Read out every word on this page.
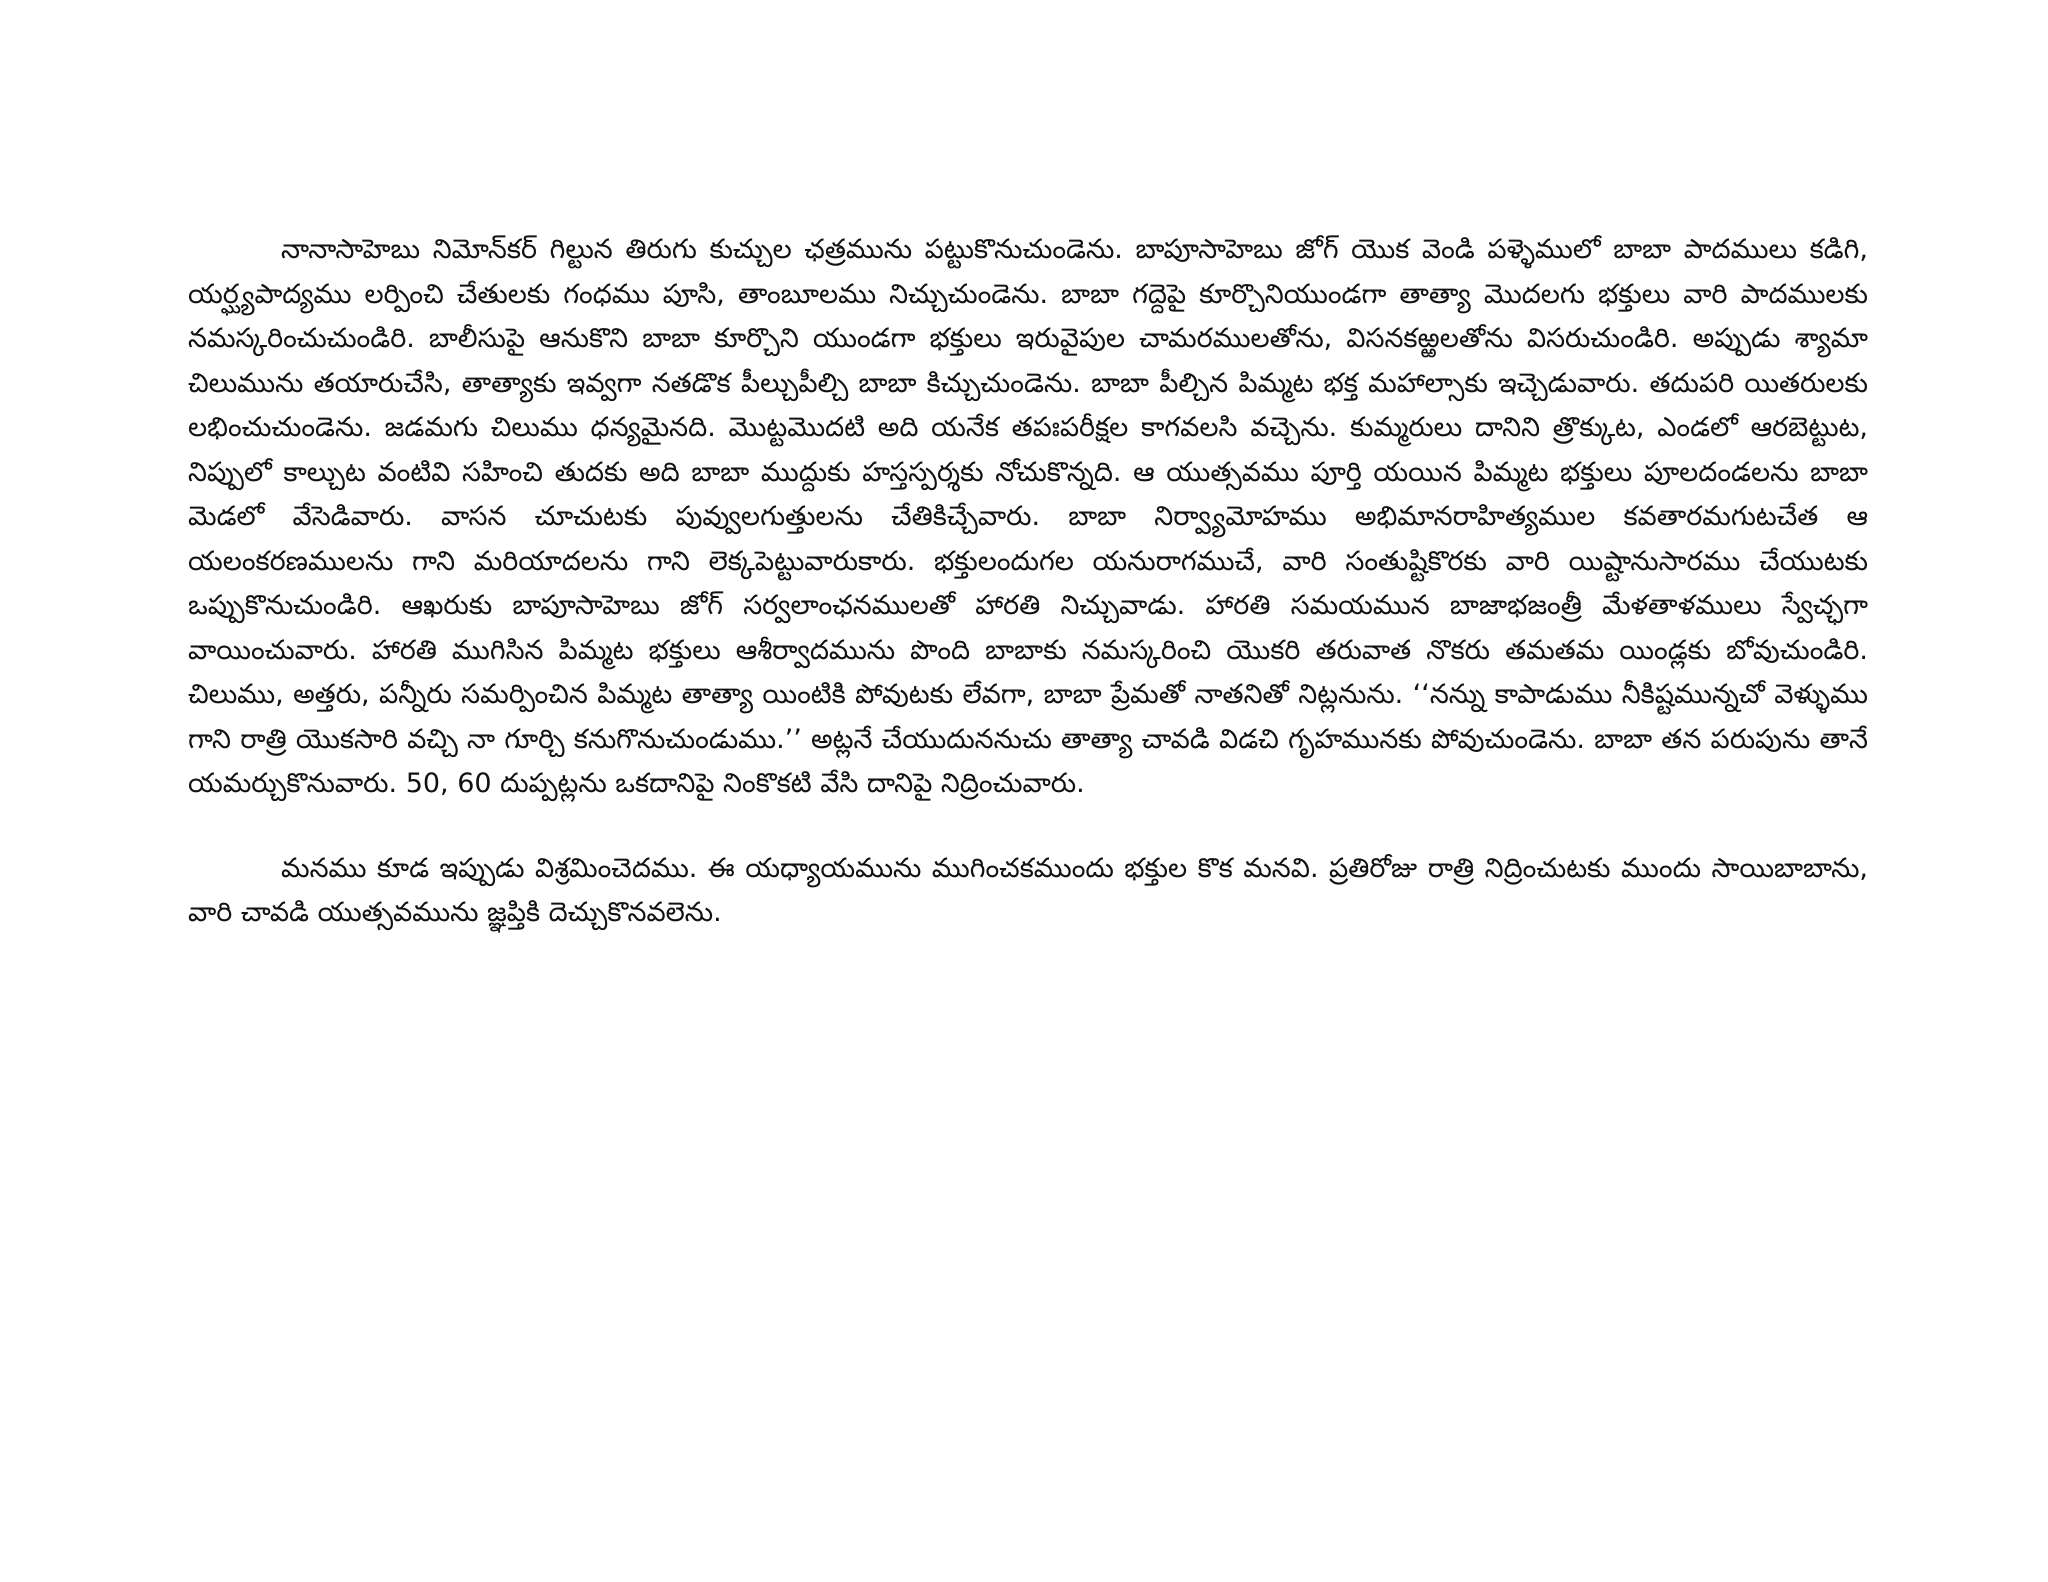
నానాసాహెబు నిమోన్‌కర్ గిల్టున తిరుగు కుచ్చుల ఛత్రమును పట్టుకొనుచుండెను. బాపూసాహెబు జోగ్ యొక వెండి పళ్ళెములో బాబా పాదములు కడిగి, యర్ఘ్యపాద్యము లర్పించి చేతులకు గంధము పూసి, తాంబూలము నిచ్చుచుండెను. బాబా గద్దెపై కూర్చొనియుండగా తాత్యా మొదలగు భక్తులు వారి పాదములకు నమస్కరించుచుండిరి. బాలీసుపై ఆనుకొని బాబా కూర్చొని యుండగా భక్తులు ఇరువైపుల చామరములతోను, విసనకఱ్ఱలతోను విసరుచుండిరి. అప్పుడు శ్యామా చిలుమును తయారుచేసి, తాత్యాకు ఇవ్వగా నతడొక పీల్చుపీల్చి బాబా కిచ్చుచుండెను. బాబా పీల్చిన పిమ్మట భక్త మహాల్సాకు ఇచ్చెడువారు. తదుపరి యితరులకు లభించుచుండెను. జడమగు చిలుము ధన్యమైనది. మొట్టమొదటి అది యనేక తపఃపరీక్షల కాగవలసి వచ్చెను. కుమ్మరులు దానిని త్రొక్కుట, ఎండలో ఆరబెట్టుట, నిప్పులో కాల్చుట వంటివి సహించి తుదకు అది బాబా ముద్దుకు హస్తస్పర్శకు నోచుకొన్నది. ఆ యుత్సవము పూర్తి యయిన పిమ్మట భక్తులు పూలదండలను బాబా మెడలో వేసెడివారు. వాసన చూచుటకు పువ్వులగుత్తులను చేతికిచ్చేవారు. బాబా నిర్వ్యామోహము అభిమానరాహిత్యముల కవతారమగుటచేత ఆ యలంకరణములను గాని మరియాదలను గాని లెక్కపెట్టువారుకారు. భక్తులందుగల యనురాగముచే, వారి సంతుష్టికొరకు వారి యిష్టానుసారము చేయుటకు ఒప్పుకొనుచుండిరి. ఆఖరుకు బాపూసాహెబు జోగ్ సర్వలాంఛనములతో హారతి నిచ్చువాడు. హారతి సమయమున బాజాభజంత్రీ మేళతాళములు స్వేచ్ఛగా వాయించువారు. హారతి ముగిసిన పిమ్మట భక్తులు ఆశీర్వాదమును పొంది బాబాకు నమస్కరించి యొకరి తరువాత నొకరు తమతమ యిండ్లకు బోవుచుండిరి. చిలుము, అత్తరు, పన్నీరు సమర్పించిన పిమ్మట తాత్యా యింటికి పోవుటకు లేవగా, బాబా ప్రేమతో నాతనితో నిట్లనును. ‘‘నన్ను కాపాడుము నీకిష్టమున్నచో వెళ్ళుము గాని రాత్రి యొకసారి వచ్చి నా గూర్చి కనుగొనుచుండుము.’’ అట్లనే చేయుదుననుచు తాత్యా చావడి విడచి గృహమునకు పోవుచుండెను. బాబా తన పరుపును తానే యమర్చుకొనువారు. 50, 60 దుప్పట్లను ఒకదానిపై నింకొకటి వేసి దానిపై నిద్రించువారు.

మనము కూడ ఇప్పుడు విశ్రమించెదము. ఈ యధ్యాయమును ముగించకముందు భక్తుల కొక మనవి. ప్రతిరోజు రాత్రి నిద్రించుటకు ముందు సాయిబాబాను, వారి చావడి యుత్సవమును జ్ఞప్తికి దెచ్చుకొనవలెను.
